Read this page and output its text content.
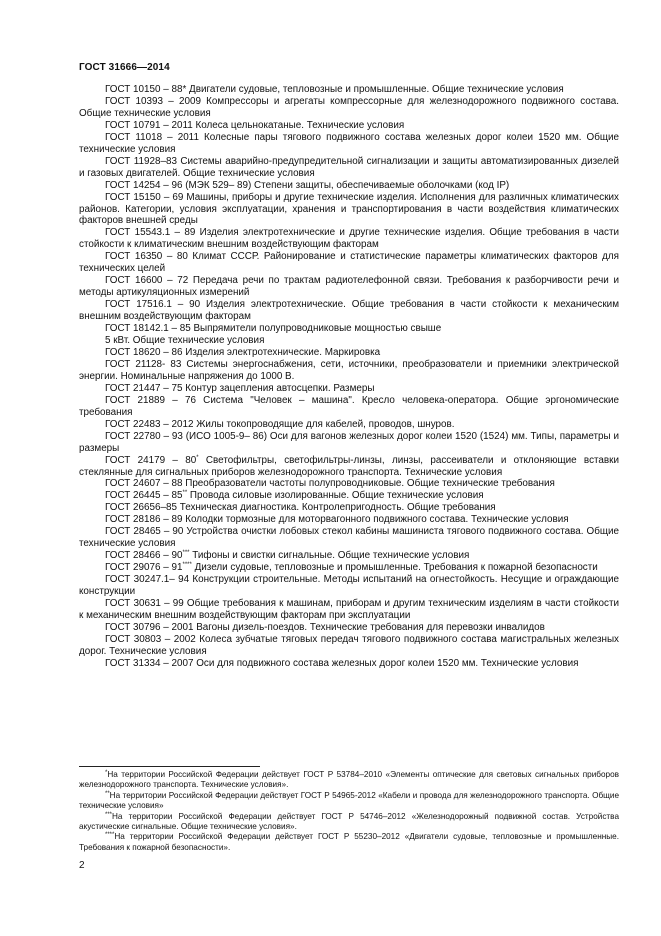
ГОСТ 31666—2014

ГОСТ 10150 – 88* Двигатели судовые, тепловозные и промышленные. Общие технические условия

ГОСТ 10393 – 2009 Компрессоры и агрегаты компрессорные для железнодорожного подвижного состава. Общие технические условия

ГОСТ 10791 – 2011 Колеса цельнокатаные. Технические условия

ГОСТ 11018 – 2011 Колесные пары тягового подвижного состава железных дорог колеи 1520 мм. Общие технические условия

ГОСТ 11928–83 Системы аварийно-предупредительной сигнализации и защиты автоматизированных дизелей и газовых двигателей. Общие технические условия

ГОСТ 14254 – 96 (МЭК 529– 89) Степени защиты, обеспечиваемые оболочками (код IP)

ГОСТ 15150 – 69 Машины, приборы и другие технические изделия. Исполнения для различных климатических районов. Категории, условия эксплуатации, хранения и транспортирования в части воздействия климатических факторов внешней среды

ГОСТ 15543.1 – 89 Изделия электротехнические и другие технические изделия. Общие требования в части стойкости к климатическим внешним воздействующим факторам

ГОСТ 16350 – 80 Климат СССР. Районирование и статистические параметры климатических факторов для технических целей

ГОСТ 16600 – 72 Передача речи по трактам радиотелефонной связи. Требования к разборчивости речи и методы артикуляционных измерений

ГОСТ 17516.1 – 90 Изделия электротехнические. Общие требования в части стойкости к механическим внешним воздействующим факторам

ГОСТ 18142.1 – 85 Выпрямители полупроводниковые мощностью свыше

5 кВт. Общие технические условия

ГОСТ 18620 – 86 Изделия электротехнические. Маркировка

ГОСТ 21128- 83 Системы энергоснабжения, сети, источники, преобразователи и приемники электрической энергии. Номинальные напряжения до 1000 В.

ГОСТ 21447 – 75 Контур зацепления автосцепки. Размеры

ГОСТ 21889 – 76 Система "Человек – машина". Кресло человека-оператора. Общие эргономические требования

ГОСТ 22483 – 2012 Жилы токопроводящие для кабелей, проводов, шнуров.

ГОСТ 22780 – 93 (ИСО 1005-9– 86) Оси для вагонов железных дорог колеи 1520 (1524) мм. Типы, параметры и размеры

ГОСТ 24179 – 80* Светофильтры, светофильтры-линзы, линзы, рассеиватели и отклоняющие вставки стеклянные для сигнальных приборов железнодорожного транспорта. Технические условия

ГОСТ 24607 – 88 Преобразователи частоты полупроводниковые. Общие технические требования

ГОСТ 26445 – 85** Провода силовые изолированные. Общие технические условия

ГОСТ 26656–85 Техническая диагностика. Контролепригодность. Общие требования

ГОСТ 28186 – 89 Колодки тормозные для моторвагонного подвижного состава. Технические условия

ГОСТ 28465 – 90 Устройства очистки лобовых стекол кабины машиниста тягового подвижного состава. Общие технические условия

ГОСТ 28466 – 90*** Тифоны и свистки сигнальные. Общие технические условия

ГОСТ 29076 – 91**** Дизели судовые, тепловозные и промышленные. Требования к пожарной безопасности

ГОСТ 30247.1– 94 Конструкции строительные. Методы испытаний на огнестойкость. Несущие и ограждающие конструкции

ГОСТ 30631 – 99 Общие требования к машинам, приборам и другим техническим изделиям в части стойкости к механическим внешним воздействующим факторам при эксплуатации

ГОСТ 30796 – 2001 Вагоны дизель-поездов. Технические требования для перевозки инвалидов

ГОСТ 30803 – 2002 Колеса зубчатые тяговых передач тягового подвижного состава магистральных железных дорог. Технические условия

ГОСТ 31334 – 2007 Оси для подвижного состава железных дорог колеи 1520 мм. Технические условия

*На территории Российской Федерации действует ГОСТ Р 53784–2010 «Элементы оптические для световых сигнальных приборов железнодорожного транспорта. Технические условия».

**На территории Российской Федерации действует ГОСТ Р 54965-2012 «Кабели и провода для железнодорожного транспорта. Общие технические условия»

***На территории Российской Федерации действует ГОСТ Р 54746–2012 «Железнодорожный подвижной состав. Устройства акустические сигнальные. Общие технические условия».

****На территории Российской Федерации действует ГОСТ Р 55230–2012 «Двигатели судовые, тепловозные и промышленные. Требования к пожарной безопасности».

2
